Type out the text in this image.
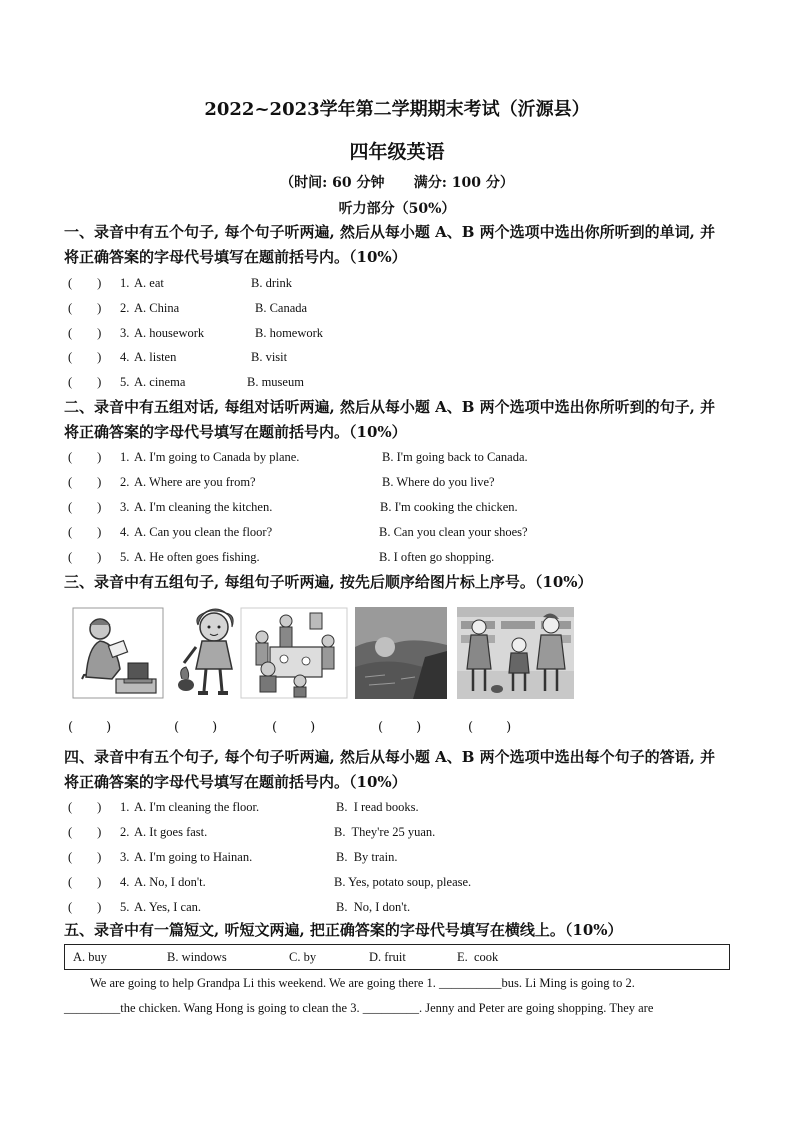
2022~2023学年第二学期期末考试（沂源县）
四年级英语
（时间: 60 分钟      满分: 100 分）
听力部分（50%）
一、录音中有五个句子, 每个句子听两遍, 然后从每小题 A、B 两个选项中选出你所听到的单词, 并将正确答案的字母代号填写在题前括号内。（10%）
(        ) 1. A. eat	B. drink
(        ) 2. A. China	B. Canada
(        ) 3. A. housework	B. homework
(        ) 4. A. listen	B. visit
(        ) 5. A. cinema	B. museum
二、录音中有五组对话, 每组对话听两遍, 然后从每小题 A、B 两个选项中选出你所听到的句子, 并将正确答案的字母代号填写在题前括号内。（10%）
(        ) 1. A. I'm going to Canada by plane.	B. I'm going back to Canada.
(        ) 2. A. Where are you from?	B. Where do you live?
(        ) 3. A. I'm cleaning the kitchen.	B. I'm cooking the chicken.
(        ) 4. A. Can you clean the floor?	B. Can you clean your shoes?
(        ) 5. A. He often goes fishing.	B. I often go shopping.
三、录音中有五组句子, 每组句子听两遍, 按先后顺序给图片标上序号。（10%）
(        )	(        )	(        )	(        )	(        )
四、录音中有五个句子, 每个句子听两遍, 然后从每小题 A、B 两个选项中选出每个句子的答语, 并将正确答案的字母代号填写在题前括号内。（10%）
(        ) 1. A. I'm cleaning the floor.	B.  I read books.
(        ) 2. A. It goes fast.	B.  They're 25 yuan.
(        ) 3. A. I'm going to Hainan.	B.  By train.
(        ) 4. A. No, I don't.	B. Yes, potato soup, please.
(        ) 5. A. Yes, I can.	B.  No, I don't.
五、录音中有一篇短文, 听短文两遍, 把正确答案的字母代号填写在横线上。（10%）
A. buy	B. windows	C. by	D. fruit	E.  cook
We are going to help Grandpa Li this weekend. We are going there 1. __________bus. Li Ming is going to 2.
_________the chicken. Wang Hong is going to clean the 3. _________. Jenny and Peter are going shopping. They are
